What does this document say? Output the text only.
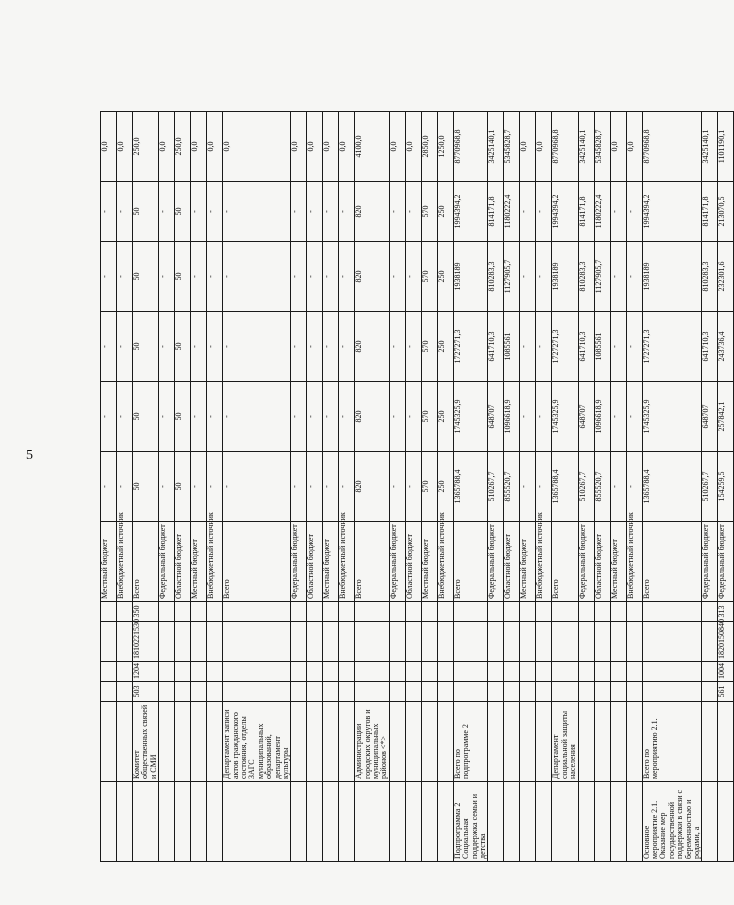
5
						Местный бюджет	-	-	-	-	-	0,0
						Внебюджетный источник	-	-	-	-	-	0,0
	Комитет общественных связей и СМИ	503	1204	1810221530	350	Всего	50	50	50	50	50	250,0
						Федеральный бюджет	-	-	-	-	-	0,0
						Областной бюджет	50	50	50	50	50	250,0
						Местный бюджет	-	-	-	-	-	0,0
						Внебюджетный источник	-	-	-	-	-	0,0
	Департамент записи актов гражданского состояния, отделы ЗАГС муниципальных образований, департамент культуры					Всего	-	-	-	-	-	0,0
						Федеральный бюджет	-	-	-	-	-	0,0
						Областной бюджет	-	-	-	-	-	0,0
						Местный бюджет	-	-	-	-	-	0,0
						Внебюджетный источник	-	-	-	-	-	0,0
	Администрации городских округов и муниципальных районов <*>					Всего	820	820	820	820	820	4100,0
						Федеральный бюджет	-	-	-	-	-	0,0
						Областной бюджет	-	-	-	-	-	0,0
						Местный бюджет	570	570	570	570	570	2850,0
						Внебюджетный источник	250	250	250	250	250	1250,0
Подпрограмма 2 Социальная поддержка семьи и детства	Всего по подпрограмме 2					Всего	1365788,4	1745325,9	1727271,3	1938189	1994394,2	8770968,8
						Федеральный бюджет	510267,7	648707	641710,3	810283,3	814171,8	3425140,1
						Областной бюджет	855520,7	1096618,9	1085561	1127905,7	1180222,4	5345828,7
						Местный бюджет	-	-	-	-	-	0,0
						Внебюджетный источник	-	-	-	-	-	0,0
	Департамент социальной защиты населения					Всего	1365788,4	1745325,9	1727271,3	1938189	1994394,2	8770968,8
						Федеральный бюджет	510267,7	648707	641710,3	810283,3	814171,8	3425140,1
						Областной бюджет	855520,7	1096618,9	1085561	1127905,7	1180222,4	5345828,7
						Местный бюджет	-	-	-	-	-	0,0
						Внебюджетный источник	-	-	-	-	-	0,0
Основное мероприятие 2.1. Оказание мер государственной поддержки в связи с беременностью и родами, а	Всего по мероприятию 2.1.					Всего	1365788,4	1745325,9	1727271,3	1938189	1994394,2	8770968,8
						Федеральный бюджет	510267,7	648707	641710,3	810283,3	814171,8	3425140,1
		561	1004	1820150840	313	Федеральный бюджет	154259,5	257842,1	243736,4	232301,6	213070,5	1101190,1
